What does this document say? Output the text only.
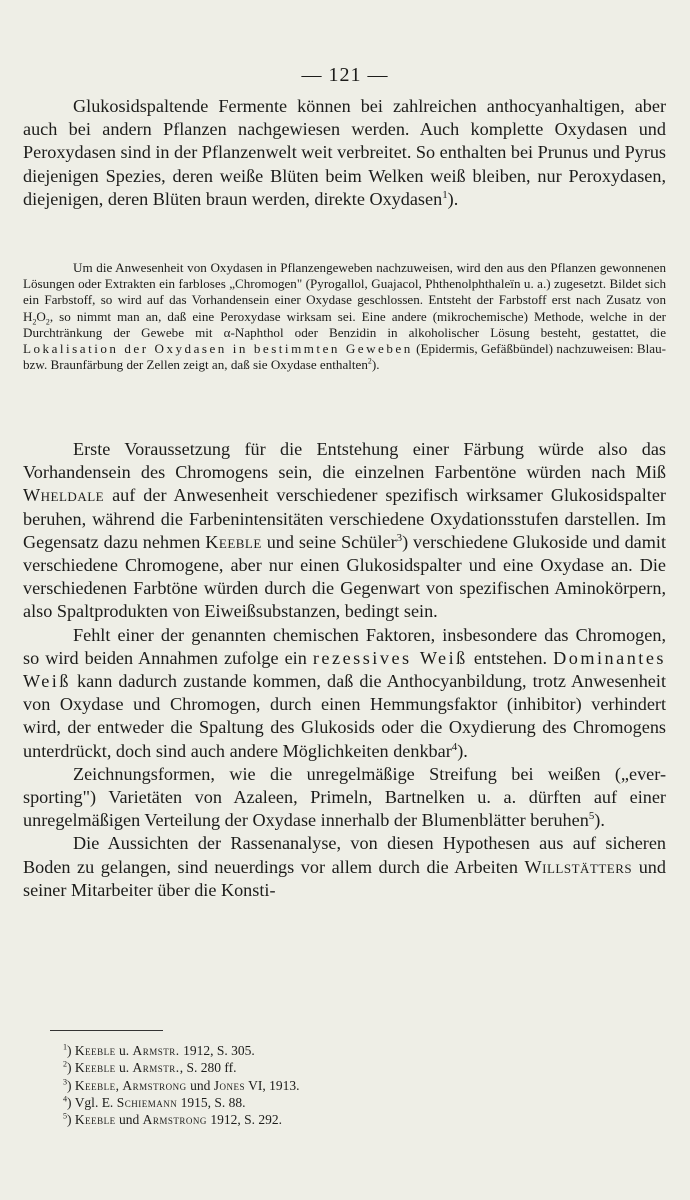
— 121 —

Glukosidspaltende Fermente können bei zahlreichen anthocyanhaltigen, aber auch bei andern Pflanzen nachgewiesen werden. Auch komplette Oxydasen und Peroxydasen sind in der Pflanzenwelt weit verbreitet. So enthalten bei Prunus und Pyrus diejenigen Spezies, deren weiße Blüten beim Welken weiß bleiben, nur Peroxydasen, diejenigen, deren Blüten braun werden, direkte Oxydasen$^1$).

Um die Anwesenheit von Oxydasen in Pflanzengeweben nachzuweisen, wird den aus den Pflanzen gewonnenen Lösungen oder Extrakten ein farbloses „Chromogen" (Pyrogallol, Guajacol, Phthenolphthaleïn u. a.) zugesetzt. Bildet sich ein Farbstoff, so wird auf das Vorhandensein einer Oxydase geschlossen. Entsteht der Farbstoff erst nach Zusatz von $H_2O_2$, so nimmt man an, daß eine Peroxydase wirksam sei. Eine andere (mikrochemische) Methode, welche in der Durchtränkung der Gewebe mit α-Naphthol oder Benzidin in alkoholischer Lösung besteht, gestattet, die Lokalisation der Oxydasen in bestimmten Geweben (Epidermis, Gefäßbündel) nachzuweisen: Blau- bzw. Braunfärbung der Zellen zeigt an, daß sie Oxydase enthalten$^2$).

Erste Voraussetzung für die Entstehung einer Färbung würde also das Vorhandensein des Chromogens sein, die einzelnen Farbentöne würden nach Miß Wheldale auf der Anwesenheit verschiedener spezifisch wirksamer Glukosidspalter beruhen, während die Farbenintensitäten verschiedene Oxydationsstufen darstellen. Im Gegensatz dazu nehmen Keeble und seine Schüler$^3$) verschiedene Glukoside und damit verschiedene Chromogene, aber nur einen Glukosidspalter und eine Oxydase an. Die verschiedenen Farbtöne würden durch die Gegenwart von spezifischen Aminokörpern, also Spaltprodukten von Eiweißsubstanzen, bedingt sein.

Fehlt einer der genannten chemischen Faktoren, insbesondere das Chromogen, so wird beiden Annahmen zufolge ein rezessives Weiß entstehen. Dominantes Weiß kann dadurch zustande kommen, daß die Anthocyanbildung, trotz Anwesenheit von Oxydase und Chromogen, durch einen Hemmungsfaktor (inhibitor) verhindert wird, der entweder die Spaltung des Glukosids oder die Oxydierung des Chromogens unterdrückt, doch sind auch andere Möglichkeiten denkbar$^4$).

Zeichnungsformen, wie die unregelmäßige Streifung bei weißen („ever-sporting") Varietäten von Azaleen, Primeln, Bartnelken u. a. dürften auf einer unregelmäßigen Verteilung der Oxydase innerhalb der Blumenblätter beruhen$^5$).

Die Aussichten der Rassenanalyse, von diesen Hypothesen aus auf sicheren Boden zu gelangen, sind neuerdings vor allem durch die Arbeiten Willstätters und seiner Mitarbeiter über die Konsti-

$^1$) Keeble u. Armstr. 1912, S. 305.
$^2$) Keeble u. Armstr., S. 280 ff.
$^3$) Keeble, Armstrong und Jones VI, 1913.
$^4$) Vgl. E. Schiemann 1915, S. 88.
$^5$) Keeble und Armstrong 1912, S. 292.
